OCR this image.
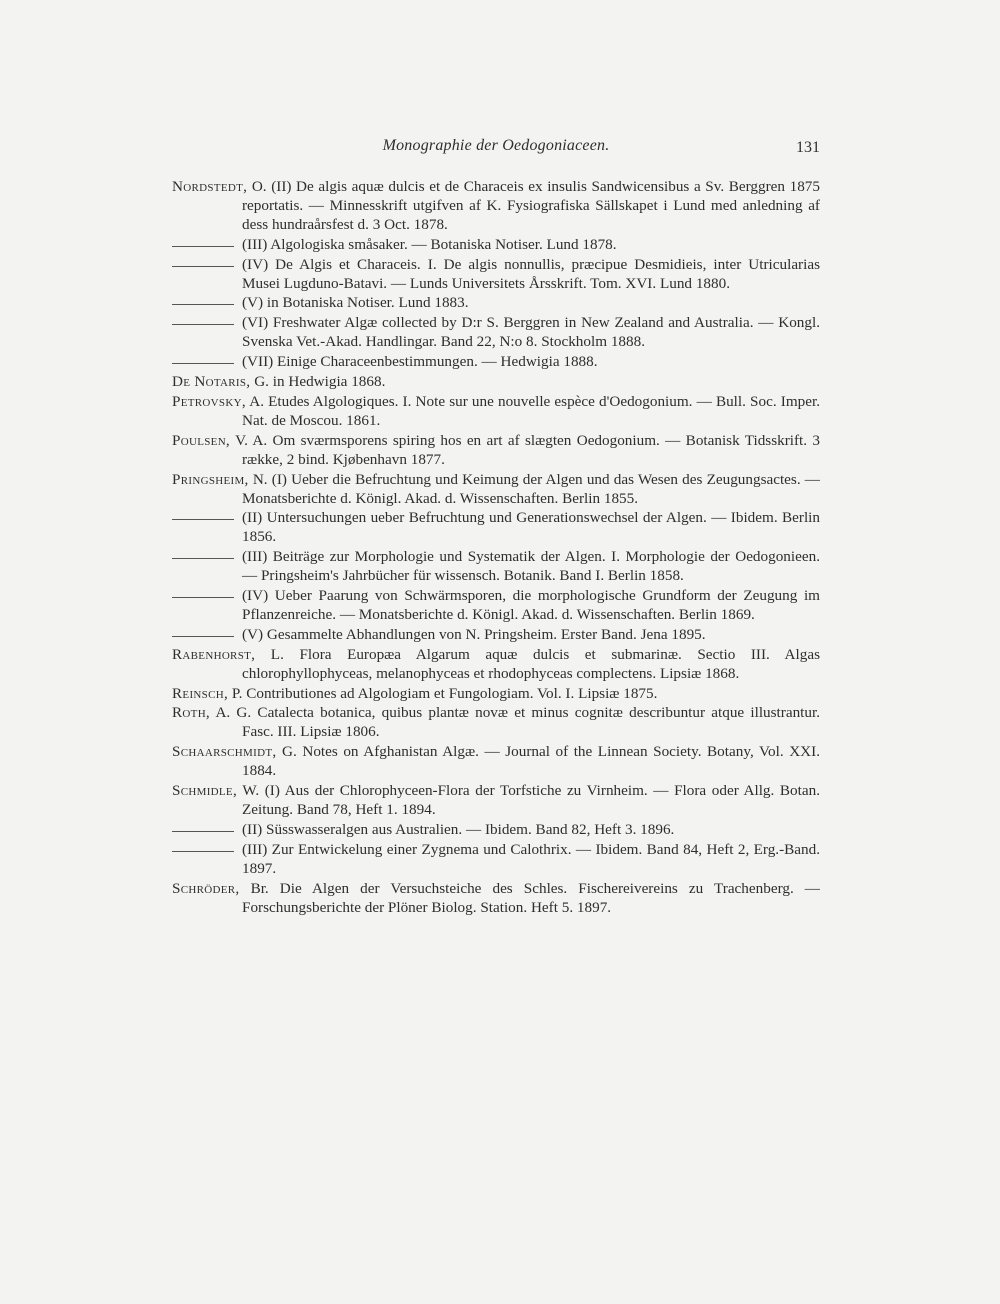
Monographie der Oedogoniaceen.	131

Nordstedt, O. (II) De algis aquæ dulcis et de Characeis ex insulis Sandwicensibus a Sv. Berggren 1875 reportatis. — Minnesskrift utgifven af K. Fysiografiska Sällskapet i Lund med anledning af dess hundraårsfest d. 3 Oct. 1878.

(III) Algologiska småsaker. — Botaniska Notiser. Lund 1878.
(IV) De Algis et Characeis. I. De algis nonnullis, præcipue Desmidieis, inter Utricularias Musei Lugduno-Batavi. — Lunds Universitets Årsskrift. Tom. XVI. Lund 1880.
(V) in Botaniska Notiser. Lund 1883.
(VI) Freshwater Algæ collected by D:r S. Berggren in New Zealand and Australia. — Kongl. Svenska Vet.-Akad. Handlingar. Band 22, N:o 8. Stockholm 1888.
(VII) Einige Characeenbestimmungen. — Hedwigia 1888.

De Notaris, G. in Hedwigia 1868.

Petrovsky, A. Etudes Algologiques. I. Note sur une nouvelle espèce d'Oedogonium. — Bull. Soc. Imper. Nat. de Moscou. 1861.

Poulsen, V. A. Om sværmsporens spiring hos en art af slægten Oedogonium. — Botanisk Tidsskrift. 3 række, 2 bind. Kjøbenhavn 1877.

Pringsheim, N. (I) Ueber die Befruchtung und Keimung der Algen und das Wesen des Zeugungsactes. — Monatsberichte d. Königl. Akad. d. Wissenschaften. Berlin 1855.

(II) Untersuchungen ueber Befruchtung und Generationswechsel der Algen. — Ibidem. Berlin 1856.
(III) Beiträge zur Morphologie und Systematik der Algen. I. Morphologie der Oedogonieen. — Pringsheim's Jahrbücher für wissensch. Botanik. Band I. Berlin 1858.
(IV) Ueber Paarung von Schwärmsporen, die morphologische Grundform der Zeugung im Pflanzenreiche. — Monatsberichte d. Königl. Akad. d. Wissenschaften. Berlin 1869.
(V) Gesammelte Abhandlungen von N. Pringsheim. Erster Band. Jena 1895.

Rabenhorst, L. Flora Europæa Algarum aquæ dulcis et submarinæ. Sectio III. Algas chlorophyllophyceas, melanophyceas et rhodophyceas complectens. Lipsiæ 1868.

Reinsch, P. Contributiones ad Algologiam et Fungologiam. Vol. I. Lipsiæ 1875.

Roth, A. G. Catalecta botanica, quibus plantæ novæ et minus cognitæ describuntur atque illustrantur. Fasc. III. Lipsiæ 1806.

Schaarschmidt, G. Notes on Afghanistan Algæ. — Journal of the Linnean Society. Botany, Vol. XXI. 1884.

Schmidle, W. (I) Aus der Chlorophyceen-Flora der Torfstiche zu Virnheim. — Flora oder Allg. Botan. Zeitung. Band 78, Heft 1. 1894.

(II) Süsswasseralgen aus Australien. — Ibidem. Band 82, Heft 3. 1896.
(III) Zur Entwickelung einer Zygnema und Calothrix. — Ibidem. Band 84, Heft 2, Erg.-Band. 1897.

Schröder, Br. Die Algen der Versuchsteiche des Schles. Fischereivereins zu Trachenberg. — Forschungsberichte der Plöner Biolog. Station. Heft 5. 1897.
